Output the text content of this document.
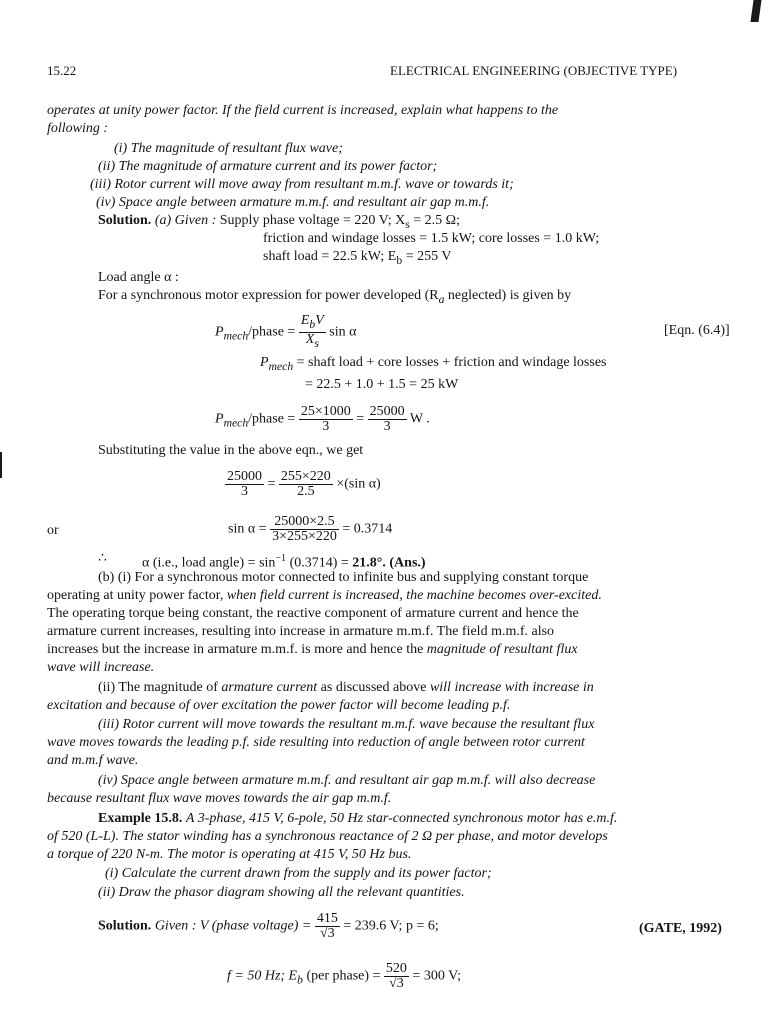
15.22	ELECTRICAL ENGINEERING (OBJECTIVE TYPE)
operates at unity power factor. If the field current is increased, explain what happens to the
following :
(i) The magnitude of resultant flux wave;
(ii) The magnitude of armature current and its power factor;
(iii) Rotor current will move away from resultant m.m.f. wave or towards it;
(iv) Space angle between armature m.m.f. and resultant air gap m.m.f.
Solution. (a) Given : Supply phase voltage = 220 V; $X_s = 2.5$ Ω;
friction and windage losses = 1.5 kW; core losses = 1.0 kW;
shaft load = 22.5 kW; $E_b = 255$ V
Load angle α :
For a synchronous motor expression for power developed ($R_a$ neglected) is given by
$P_{mech}$/phase = $\frac{E_bV}{X_s}$ sin α	[Eqn. (6.4)]
$P_{mech}$ = shaft load + core losses + friction and windage losses
= 22.5 + 1.0 + 1.5 = 25 kW
$P_{mech}$/phase = $\frac{25\times 1000}{3} = \frac{25000}{3}$ W .
Substituting the value in the above eqn., we get
$\frac{25000}{3} = \frac{255\times 220}{2.5} \times(\sin$ α)
or	$\sin \alpha = \frac{25000\times 2.5}{3\times 255\times 220} = 0.3714$
∴	α (i.e., load angle) = $\sin^{-1} (0.3714) = 21.8^\circ$. (Ans.)
(b) (i) For a synchronous motor connected to infinite bus and supplying constant torque
operating at unity power factor, when field current is increased, the machine becomes over-excited.
The operating torque being constant, the reactive component of armature current and hence the
armature current increases, resulting into increase in armature m.m.f. The field m.m.f. also
increases but the increase in armature m.m.f. is more and hence the magnitude of resultant flux
wave will increase.
(ii) The magnitude of armature current as discussed above will increase with increase in
excitation and because of over excitation the power factor will become leading p.f.
(iii) Rotor current will move towards the resultant m.m.f. wave because the resultant flux
wave moves towards the leading p.f. side resulting into reduction of angle between rotor current
and m.m.f wave.
(iv) Space angle between armature m.m.f. and resultant air gap m.m.f. will also decrease
because resultant flux wave moves towards the air gap m.m.f.
Example 15.8. A 3-phase, 415 V, 6-pole, 50 Hz star-connected synchronous motor has e.m.f.
of 520 (L-L). The stator winding has a synchronous reactance of 2 Ω per phase, and motor develops
a torque of 220 N-m. The motor is operating at 415 V, 50 Hz bus.
(i) Calculate the current drawn from the supply and its power factor;
(ii) Draw the phasor diagram showing all the relevant quantities.
Solution. Given : V (phase voltage) = $\frac{415}{√3} = 239.6$ V; p = 6;	(GATE, 1992)
f = 50 Hz; $E_b$ (per phase) = $\frac{520}{√3} = 300$ V;
